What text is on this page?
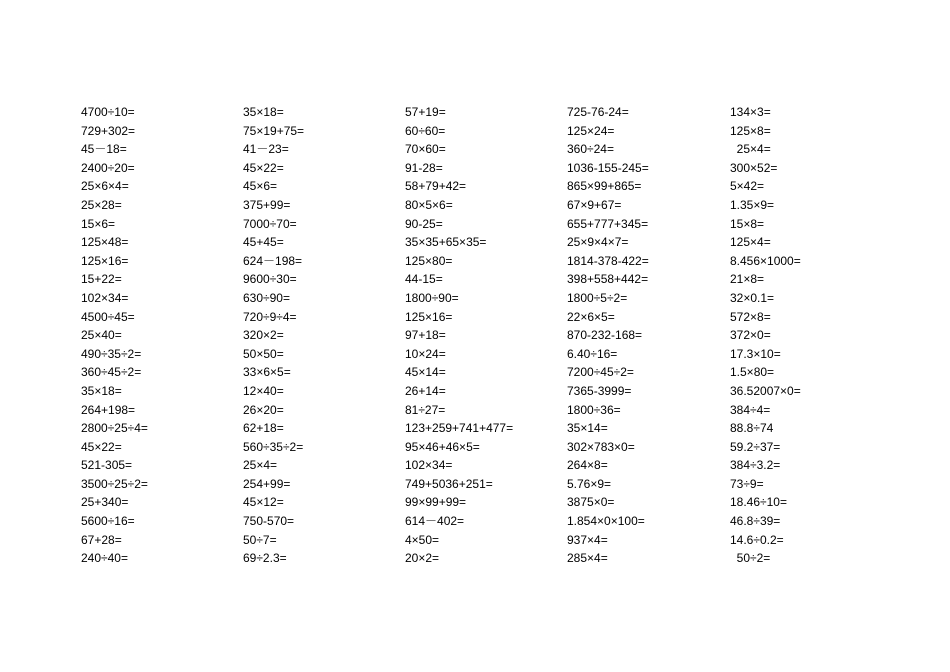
4700÷10=
729+302=
45－18=
2400÷20=
25×6×4=
25×28=
15×6=
125×48=
125×16=
15+22=
102×34=
4500÷45=
25×40=
490÷35÷2=
360÷45÷2=
35×18=
264+198=
2800÷25÷4=
45×22=
521-305=
3500÷25÷2=
25+340=
5600÷16=
67+28=
240÷40=
35×18=
75×19+75=
41－23=
45×22=
45×6=
375+99=
7000÷70=
45+45=
624－198=
9600÷30=
630÷90=
720÷9÷4=
320×2=
50×50=
33×6×5=
12×40=
26×20=
62+18=
560÷35÷2=
25×4=
254+99=
45×12=
750-570=
50÷7=
69÷2.3=
57+19=
60÷60=
70×60=
91-28=
58+79+42=
80×5×6=
90-25=
35×35+65×35=
125×80=
44-15=
1800÷90=
125×16=
97+18=
10×24=
45×14=
26+14=
81÷27=
123+259+741+477=
95×46+46×5=
102×34=
749+5036+251=
99×99+99=
614－402=
4×50=
20×2=
725-76-24=
125×24=
360÷24=
1036-155-245=
865×99+865=
67×9+67=
655+777+345=
25×9×4×7=
1814-378-422=
398+558+442=
1800÷5÷2=
22×6×5=
870-232-168=
6.40÷16=
7200÷45÷2=
7365-3999=
1800÷36=
35×14=
302×783×0=
264×8=
5.76×9=
3875×0=
1.854×0×100=
937×4=
285×4=
134×3=
125×8=
25×4=
300×52=
5×42=
1.35×9=
15×8=
125×4=
8.456×1000=
21×8=
32×0.1=
572×8=
372×0=
17.3×10=
1.5×80=
36.52007×0=
384÷4=
88.8÷74
59.2÷37=
384÷3.2=
73÷9=
18.46÷10=
46.8÷39=
14.6÷0.2=
50÷2=
